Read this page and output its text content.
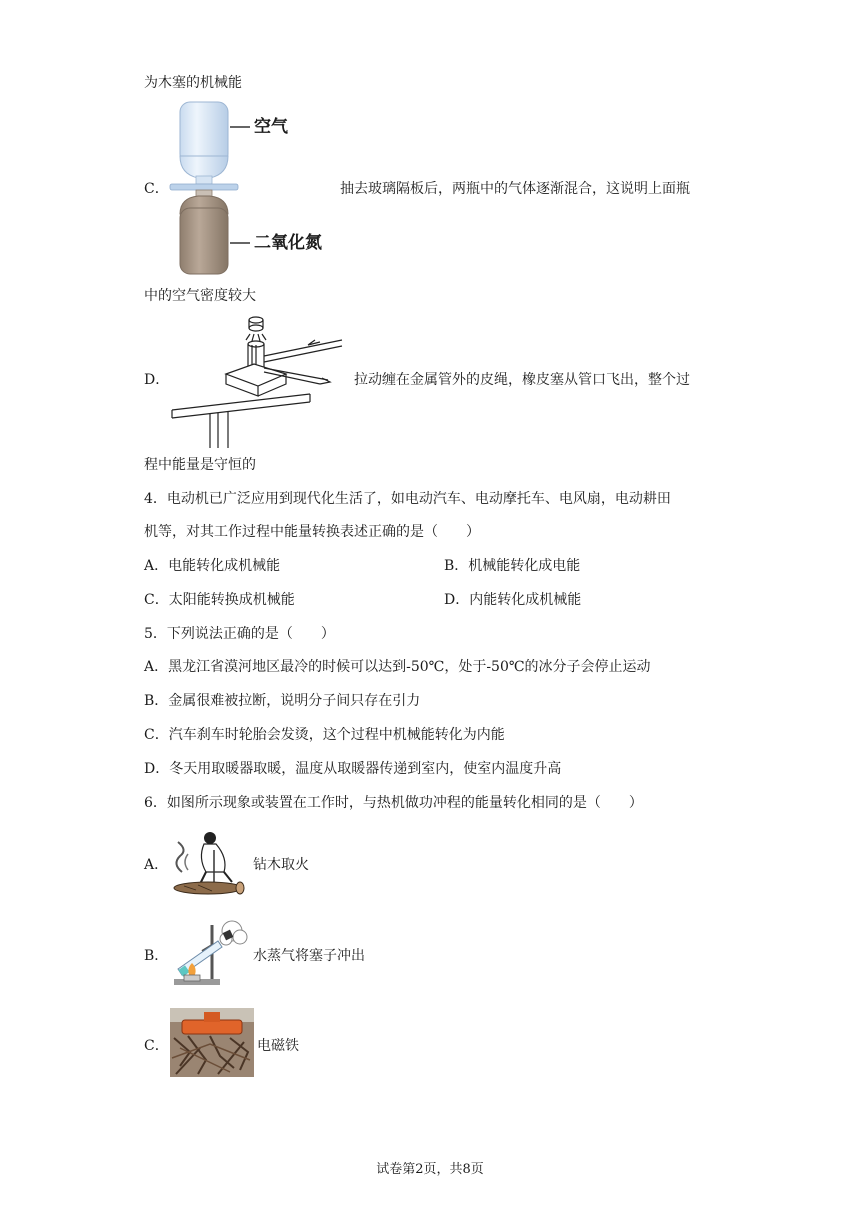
为木塞的机械能
C．
空气
二氧化氮
抽去玻璃隔板后，两瓶中的气体逐渐混合，这说明上面瓶
中的空气密度较大
D．	拉动缠在金属管外的皮绳，橡皮塞从管口飞出，整个过
程中能量是守恒的
4．电动机已广泛应用到现代化生活了，如电动汽车、电动摩托车、电风扇，电动耕田
机等，对其工作过程中能量转换表述正确的是（　　）
A．电能转化成机械能	B．机械能转化成电能
C．太阳能转换成机械能	D．内能转化成机械能
5．下列说法正确的是（　　）
A．黑龙江省漠河地区最冷的时候可以达到-50℃，处于-50℃的冰分子会停止运动
B．金属很难被拉断，说明分子间只存在引力
C．汽车刹车时轮胎会发烫，这个过程中机械能转化为内能
D．冬天用取暖器取暖，温度从取暖器传递到室内，使室内温度升高
6．如图所示现象或装置在工作时，与热机做功冲程的能量转化相同的是（　　）
A．	钻木取火
B．	水蒸气将塞子冲出
C．	电磁铁
试卷第2页，共8页
